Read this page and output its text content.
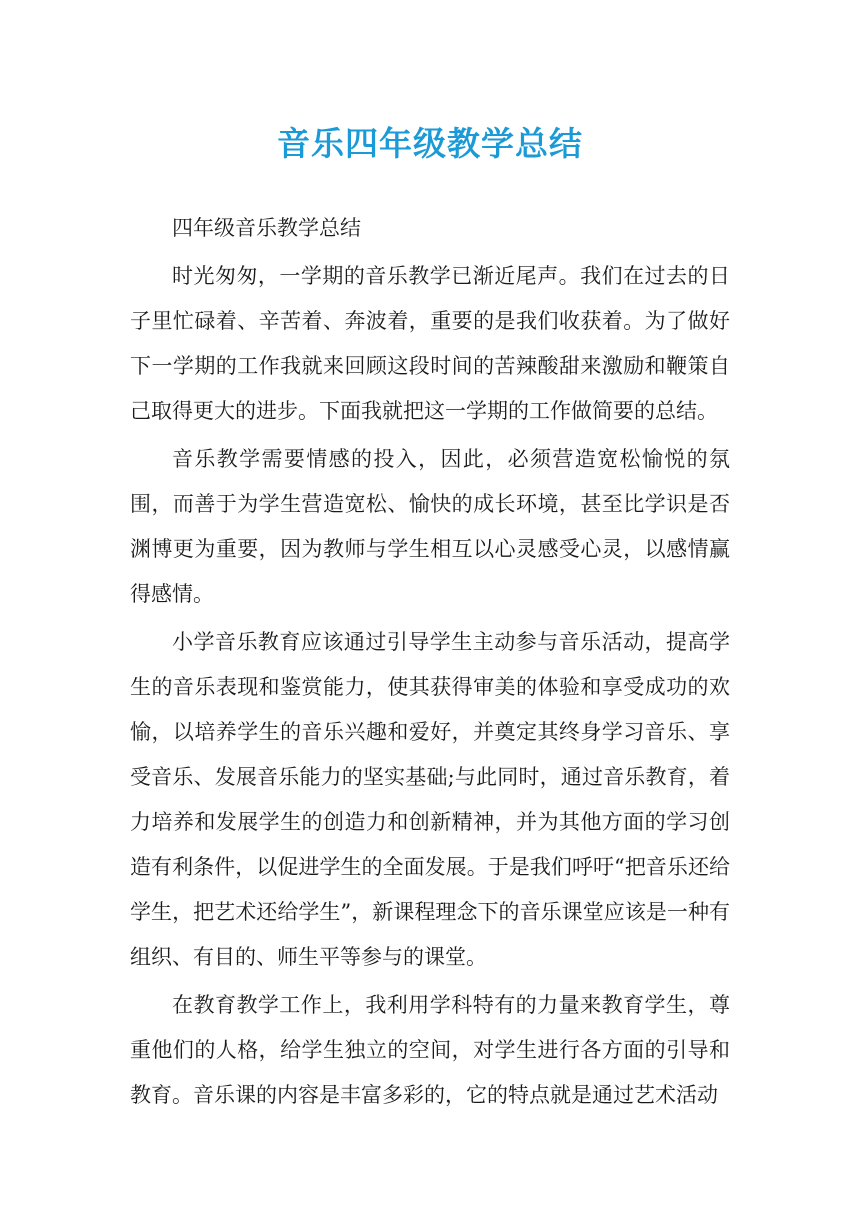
音乐四年级教学总结

四年级音乐教学总结

时光匆匆，一学期的音乐教学已渐近尾声。我们在过去的日子里忙碌着、辛苦着、奔波着，重要的是我们收获着。为了做好下一学期的工作我就来回顾这段时间的苦辣酸甜来激励和鞭策自己取得更大的进步。下面我就把这一学期的工作做简要的总结。

音乐教学需要情感的投入，因此，必须营造宽松愉悦的氛围，而善于为学生营造宽松、愉快的成长环境，甚至比学识是否渊博更为重要，因为教师与学生相互以心灵感受心灵，以感情赢得感情。

小学音乐教育应该通过引导学生主动参与音乐活动，提高学生的音乐表现和鉴赏能力，使其获得审美的体验和享受成功的欢愉，以培养学生的音乐兴趣和爱好，并奠定其终身学习音乐、享受音乐、发展音乐能力的坚实基础;与此同时，通过音乐教育，着力培养和发展学生的创造力和创新精神，并为其他方面的学习创造有利条件，以促进学生的全面发展。于是我们呼吁“把音乐还给学生，把艺术还给学生”，新课程理念下的音乐课堂应该是一种有组织、有目的、师生平等参与的课堂。

在教育教学工作上，我利用学科特有的力量来教育学生，尊重他们的人格，给学生独立的空间，对学生进行各方面的引导和教育。音乐课的内容是丰富多彩的，它的特点就是通过艺术活动
